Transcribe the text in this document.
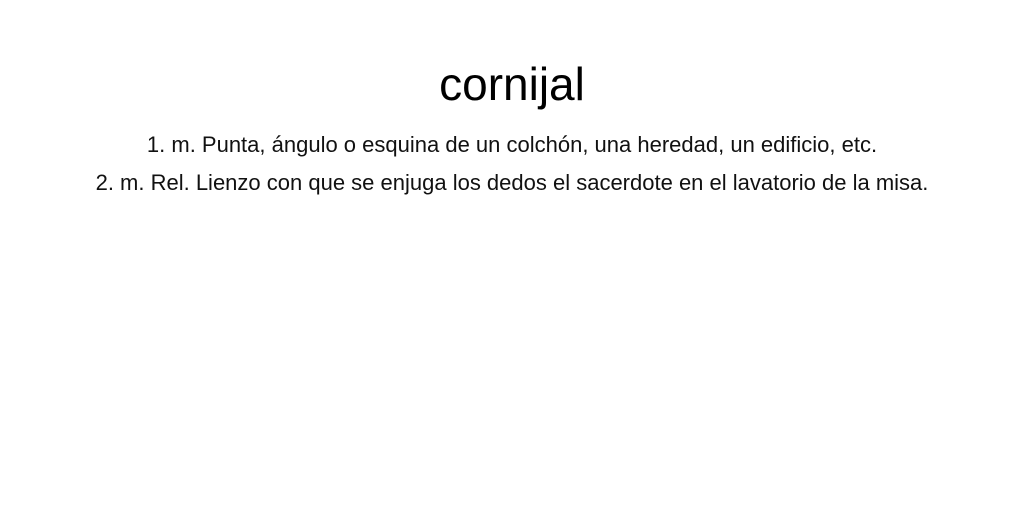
cornijal
1. m. Punta, ángulo o esquina de un colchón, una heredad, un edificio, etc.
2. m. Rel. Lienzo con que se enjuga los dedos el sacerdote en el lavatorio de la misa.
